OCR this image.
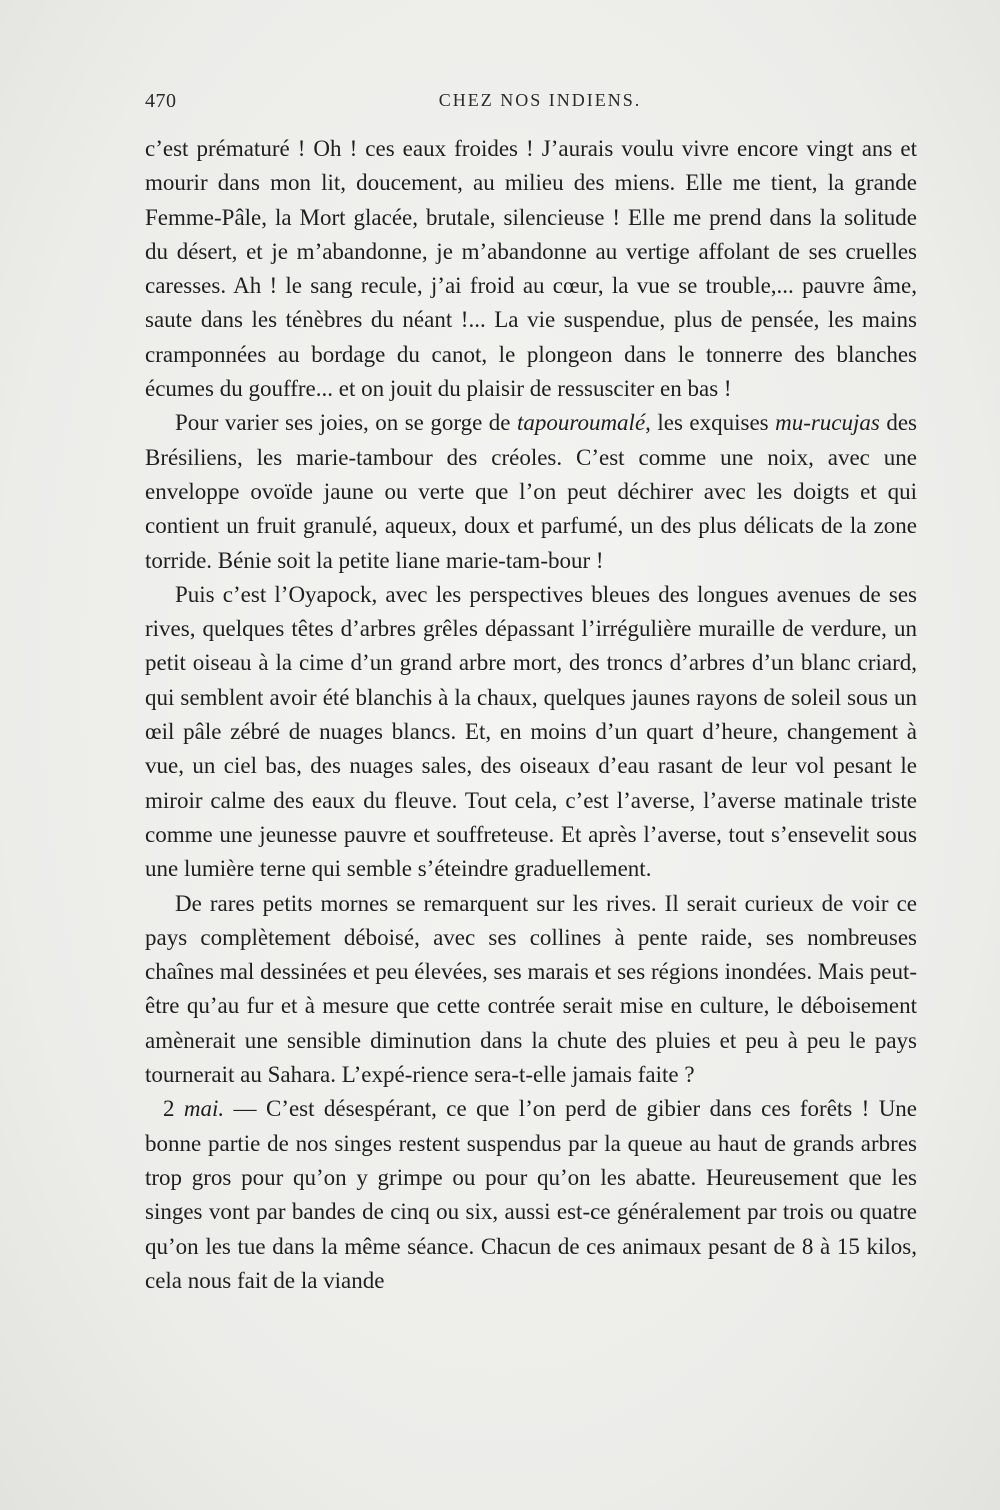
470	CHEZ NOS INDIENS.

c’est prématuré ! Oh ! ces eaux froides ! J’aurais voulu vivre encore vingt ans et mourir dans mon lit, doucement, au milieu des miens. Elle me tient, la grande Femme-Pâle, la Mort glacée, brutale, silencieuse ! Elle me prend dans la solitude du désert, et je m’abandonne, je m’abandonne au vertige affolant de ses cruelles caresses. Ah ! le sang recule, j’ai froid au cœur, la vue se trouble,... pauvre âme, saute dans les ténèbres du néant !... La vie suspendue, plus de pensée, les mains cramponnées au bordage du canot, le plongeon dans le tonnerre des blanches écumes du gouffre... et on jouit du plaisir de ressusciter en bas !

Pour varier ses joies, on se gorge de tapouroumalé, les exquises mu-rucujas des Brésiliens, les marie-tambour des créoles. C’est comme une noix, avec une enveloppe ovoïde jaune ou verte que l’on peut déchirer avec les doigts et qui contient un fruit granulé, aqueux, doux et parfumé, un des plus délicats de la zone torride. Bénie soit la petite liane marie-tam-bour !

Puis c’est l’Oyapock, avec les perspectives bleues des longues avenues de ses rives, quelques têtes d’arbres grêles dépassant l’irrégulière muraille de verdure, un petit oiseau à la cime d’un grand arbre mort, des troncs d’arbres d’un blanc criard, qui semblent avoir été blanchis à la chaux, quelques jaunes rayons de soleil sous un œil pâle zébré de nuages blancs. Et, en moins d’un quart d’heure, changement à vue, un ciel bas, des nuages sales, des oiseaux d’eau rasant de leur vol pesant le miroir calme des eaux du fleuve. Tout cela, c’est l’averse, l’averse matinale triste comme une jeunesse pauvre et souffreteuse. Et après l’averse, tout s’ensevelit sous une lumière terne qui semble s’éteindre graduellement.

De rares petits mornes se remarquent sur les rives. Il serait curieux de voir ce pays complètement déboisé, avec ses collines à pente raide, ses nombreuses chaînes mal dessinées et peu élevées, ses marais et ses régions inondées. Mais peut-être qu’au fur et à mesure que cette contrée serait mise en culture, le déboisement amènerait une sensible diminution dans la chute des pluies et peu à peu le pays tournerait au Sahara. L’expé-rience sera-t-elle jamais faite ?

2 mai. — C’est désespérant, ce que l’on perd de gibier dans ces forêts ! Une bonne partie de nos singes restent suspendus par la queue au haut de grands arbres trop gros pour qu’on y grimpe ou pour qu’on les abatte. Heureusement que les singes vont par bandes de cinq ou six, aussi est-ce généralement par trois ou quatre qu’on les tue dans la même séance. Chacun de ces animaux pesant de 8 à 15 kilos, cela nous fait de la viande
